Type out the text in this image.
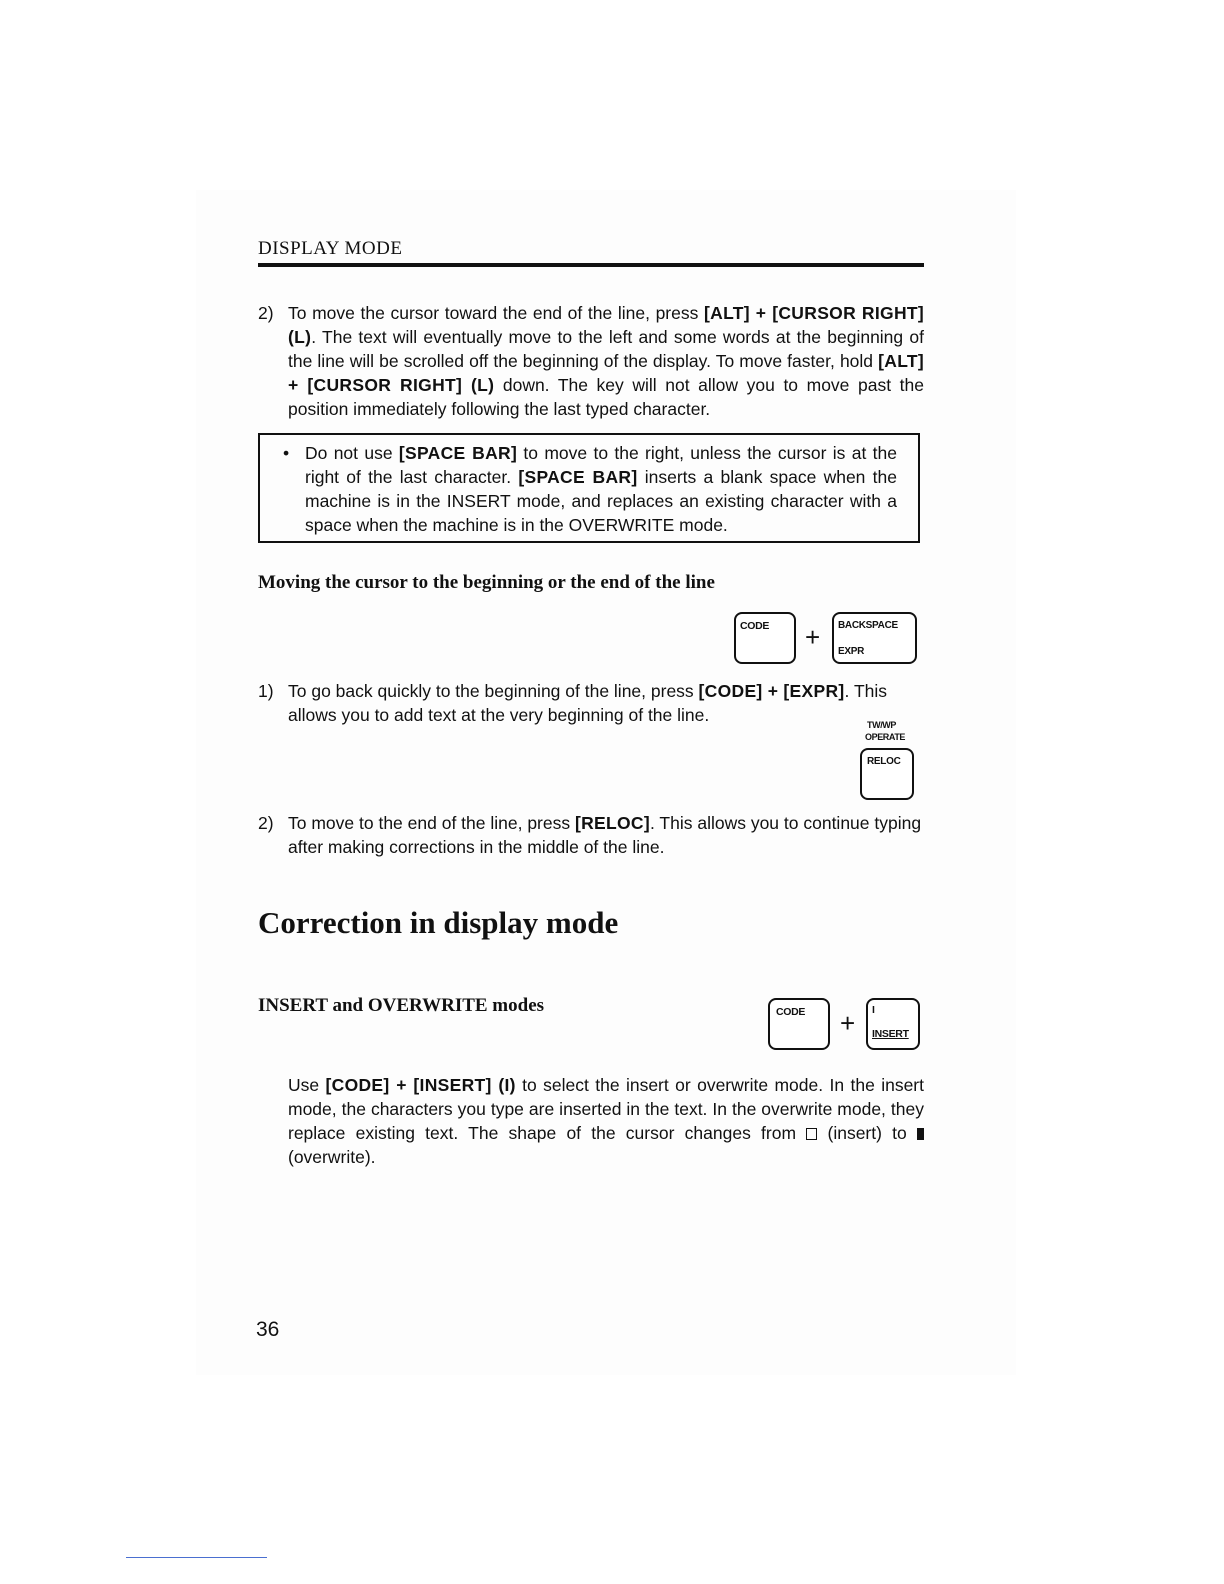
DISPLAY MODE
2) To move the cursor toward the end of the line, press [ALT] + [CURSOR RIGHT] (L). The text will eventually move to the left and some words at the beginning of the line will be scrolled off the beginning of the display. To move faster, hold [ALT] + [CURSOR RIGHT] (L) down. The key will not allow you to move past the position immediately following the last typed character.
• Do not use [SPACE BAR] to move to the right, unless the cursor is at the right of the last character. [SPACE BAR] inserts a blank space when the machine is in the INSERT mode, and replaces an existing character with a space when the machine is in the OVERWRITE mode.
Moving the cursor to the beginning or the end of the line
CODE + BACKSPACE
EXPR
1) To go back quickly to the beginning of the line, press [CODE] + [EXPR]. This allows you to add text at the very beginning of the line.	TW/WP
OPERATE
RELOC
2) To move to the end of the line, press [RELOC]. This allows you to continue typing after making corrections in the middle of the line.
Correction in display mode
INSERT and OVERWRITE modes	CODE + I
INSERT
Use [CODE] + [INSERT] (I) to select the insert or overwrite mode. In the insert mode, the characters you type are inserted in the text. In the overwrite mode, they replace existing text. The shape of the cursor changes from  (insert) to  (overwrite).
36
